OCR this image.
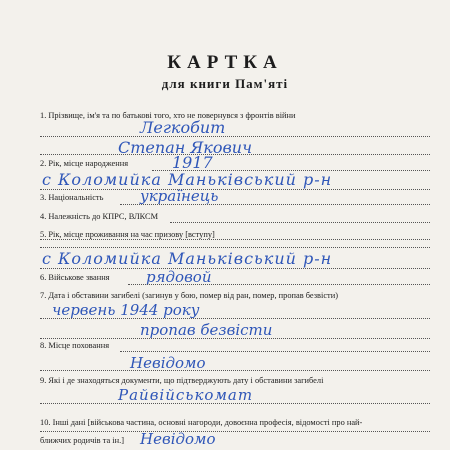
КАРТКА
для книги Пам'яті
1. Прізвище, ім'я та по батькові того, хто не повернувся з фронтів війни
Легкобит
Степан Якович
2. Рік, місце народження	1917
с Коломийка Маньківський р-н
3. Національність українець
4. Належність до КПРС, ВЛКСМ
5. Рік, місце проживання на час призову [вступу]
с Коломийка Маньківський р-н
6. Військове звання рядовой
7. Дата і обставини загибелі (загинув у бою, помер від ран, помер, пропав безвісти)
червень 1944 року
пропав безвісти
8. Місце поховання
Невідомо
9. Які і де знаходяться документи, що підтверджують дату і обставини загибелі
Райвійськомат
10. Інші дані [військова частина, основні нагороди, довоєнна професія, відомості про най-
ближчих родичів та ін.] Невідомо
